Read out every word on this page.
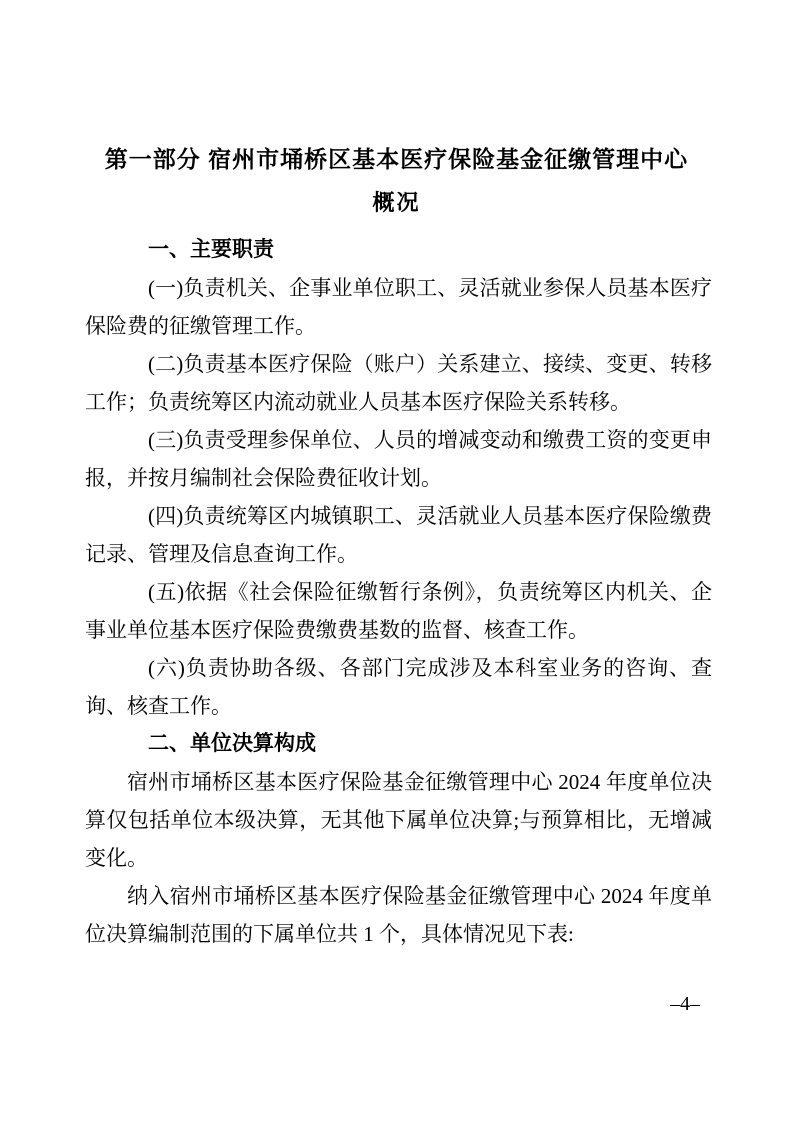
第一部分 宿州市埇桥区基本医疗保险基金征缴管理中心
概况
一、主要职责

(一)负责机关、企事业单位职工、灵活就业参保人员基本医疗保险费的征缴管理工作。

(二)负责基本医疗保险（账户）关系建立、接续、变更、转移工作；负责统筹区内流动就业人员基本医疗保险关系转移。

(三)负责受理参保单位、人员的增减变动和缴费工资的变更申报，并按月编制社会保险费征收计划。

(四)负责统筹区内城镇职工、灵活就业人员基本医疗保险缴费记录、管理及信息查询工作。

(五)依据《社会保险征缴暂行条例》，负责统筹区内机关、企事业单位基本医疗保险费缴费基数的监督、核查工作。

(六)负责协助各级、各部门完成涉及本科室业务的咨询、查询、核查工作。

二、单位决算构成

宿州市埇桥区基本医疗保险基金征缴管理中心 2024 年度单位决算仅包括单位本级决算，无其他下属单位决算;与预算相比，无增减变化。

纳入宿州市埇桥区基本医疗保险基金征缴管理中心 2024 年度单位决算编制范围的下属单位共 1 个，具体情况见下表:

–4–
